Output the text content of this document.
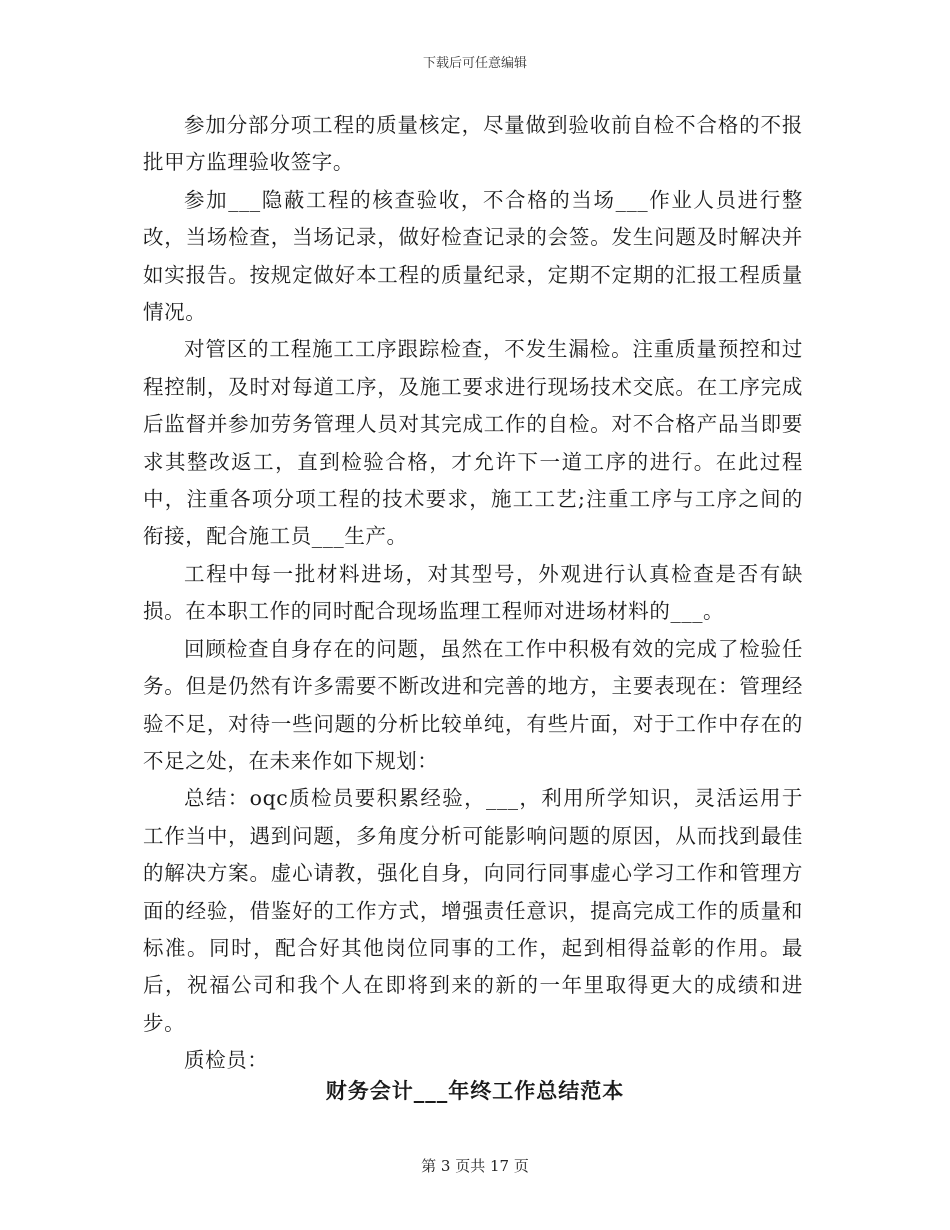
下载后可任意编辑

参加分部分项工程的质量核定，尽量做到验收前自检不合格的不报批甲方监理验收签字。

参加___隐蔽工程的核查验收，不合格的当场___作业人员进行整改，当场检查，当场记录，做好检查记录的会签。发生问题及时解决并如实报告。按规定做好本工程的质量纪录，定期不定期的汇报工程质量情况。

对管区的工程施工工序跟踪检查，不发生漏检。注重质量预控和过程控制，及时对每道工序，及施工要求进行现场技术交底。在工序完成后监督并参加劳务管理人员对其完成工作的自检。对不合格产品当即要求其整改返工，直到检验合格，才允许下一道工序的进行。在此过程中，注重各项分项工程的技术要求，施工工艺;注重工序与工序之间的衔接，配合施工员___生产。

工程中每一批材料进场，对其型号，外观进行认真检查是否有缺损。在本职工作的同时配合现场监理工程师对进场材料的___。

回顾检查自身存在的问题，虽然在工作中积极有效的完成了检验任务。但是仍然有许多需要不断改进和完善的地方，主要表现在：管理经验不足，对待一些问题的分析比较单纯，有些片面，对于工作中存在的不足之处，在未来作如下规划：

总结：oqc质检员要积累经验，___，利用所学知识，灵活运用于工作当中，遇到问题，多角度分析可能影响问题的原因，从而找到最佳的解决方案。虚心请教，强化自身，向同行同事虚心学习工作和管理方面的经验，借鉴好的工作方式，增强责任意识，提高完成工作的质量和标准。同时，配合好其他岗位同事的工作，起到相得益彰的作用。最后，祝福公司和我个人在即将到来的新的一年里取得更大的成绩和进步。

质检员：

财务会计___年终工作总结范本
第 3 页共 17 页
